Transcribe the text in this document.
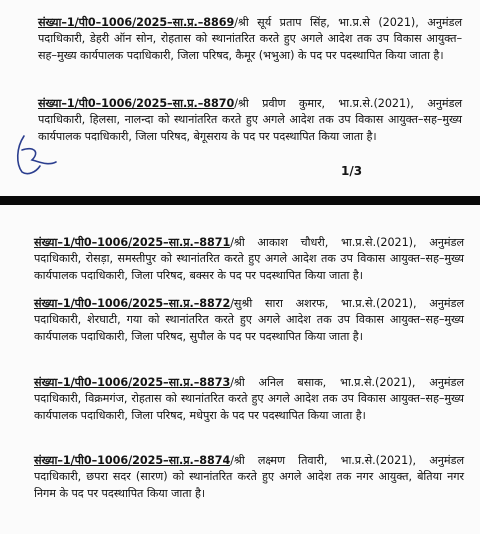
संख्या–1/पी0–1006/2025–सा.प्र.–8869/श्री सूर्य प्रताप सिंह, भा.प्र.से (2021), अनुमंडल पदाधिकारी, डेहरी ऑन सोन, रोहतास को स्थानांतरित करते हुए अगले आदेश तक उप विकास आयुक्त–सह–मुख्य कार्यपालक पदाधिकारी, जिला परिषद, कैमूर (भभुआ) के पद पर पदस्थापित किया जाता है।

संख्या–1/पी0–1006/2025–सा.प्र.–8870/श्री प्रवीण कुमार, भा.प्र.से.(2021), अनुमंडल पदाधिकारी, हिलसा, नालन्दा को स्थानांतरित करते हुए अगले आदेश तक उप विकास आयुक्त–सह–मुख्य कार्यपालक पदाधिकारी, जिला परिषद, बेगूसराय के पद पर पदस्थापित किया जाता है।

1/3

संख्या–1/पी0–1006/2025–सा.प्र.–8871/श्री आकाश चौधरी, भा.प्र.से.(2021), अनुमंडल पदाधिकारी, रोसड़ा, समस्तीपुर को स्थानांतरित करते हुए अगले आदेश तक उप विकास आयुक्त–सह–मुख्य कार्यपालक पदाधिकारी, जिला परिषद, बक्सर के पद पर पदस्थापित किया जाता है।

संख्या–1/पी0–1006/2025–सा.प्र.–8872/सुश्री सारा अशरफ, भा.प्र.से.(2021), अनुमंडल पदाधिकारी, शेरघाटी, गया को स्थानांतरित करते हुए अगले आदेश तक उप विकास आयुक्त–सह–मुख्य कार्यपालक पदाधिकारी, जिला परिषद, सुपौल के पद पर पदस्थापित किया जाता है।

संख्या–1/पी0–1006/2025–सा.प्र.–8873/श्री अनिल बसाक, भा.प्र.से.(2021), अनुमंडल पदाधिकारी, विक्रमगंज, रोहतास को स्थानांतरित करते हुए अगले आदेश तक उप विकास आयुक्त–सह–मुख्य कार्यपालक पदाधिकारी, जिला परिषद, मधेपुरा के पद पर पदस्थापित किया जाता है।

संख्या–1/पी0–1006/2025–सा.प्र.–8874/श्री लक्ष्मण तिवारी, भा.प्र.से.(2021), अनुमंडल पदाधिकारी, छपरा सदर (सारण) को स्थानांतरित करते हुए अगले आदेश तक नगर आयुक्त, बेतिया नगर निगम के पद पर पदस्थापित किया जाता है।
